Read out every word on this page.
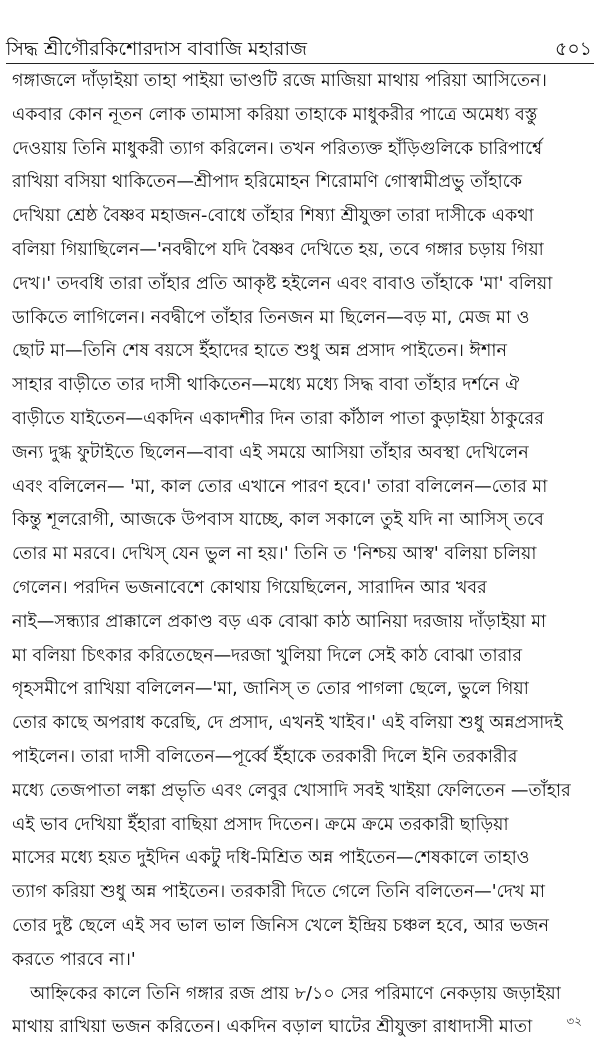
সিদ্ধ শ্রীগৌরকিশোরদাস বাবাজি মহারাজ	৫০১
গঙ্গাজলে দাঁড়াইয়া তাহা পাইয়া ভাণ্ডটি রজে মাজিয়া মাথায় পরিয়া আসিতেন।
একবার কোন নূতন লোক তামাসা করিয়া তাহাকে মাধুকরীর পাত্রে অমেধ্য বস্তু
দেওয়ায় তিনি মাধুকরী ত্যাগ করিলেন। তখন পরিত্যক্ত হাঁড়িগুলিকে চারিপার্শ্বে
রাখিয়া বসিয়া থাকিতেন—শ্রীপাদ হরিমোহন শিরোমণি গোস্বামীপ্রভু তাঁহাকে
দেখিয়া শ্রেষ্ঠ বৈষ্ণব মহাজন-বোধে তাঁহার শিষ্যা শ্রীযুক্তা তারা দাসীকে একথা
বলিয়া গিয়াছিলেন—'নবদ্বীপে যদি বৈষ্ণব দেখিতে হয়, তবে গঙ্গার চড়ায় গিয়া
দেখ।' তদবধি তারা তাঁহার প্রতি আকৃষ্ট হইলেন এবং বাবাও তাঁহাকে 'মা' বলিয়া
ডাকিতে লাগিলেন। নবদ্বীপে তাঁহার তিনজন মা ছিলেন—বড় মা, মেজ মা ও
ছোট মা—তিনি শেষ বয়সে ইঁহাদের হাতে শুধু অন্ন প্রসাদ পাইতেন। ঈশান
সাহার বাড়ীতে তার দাসী থাকিতেন—মধ্যে মধ্যে সিদ্ধ বাবা তাঁহার দর্শনে ঐ
বাড়ীতে যাইতেন—একদিন একাদশীর দিন তারা কাঁঠাল পাতা কুড়াইয়া ঠাকুরের
জন্য দুগ্ধ ফুটাইতে ছিলেন—বাবা এই সময়ে আসিয়া তাঁহার অবস্থা দেখিলেন
এবং বলিলেন— 'মা, কাল তোর এখানে পারণ হবে।' তারা বলিলেন—তোর মা
কিন্তু শূলরোগী, আজকে উপবাস যাচ্ছে, কাল সকালে তুই যদি না আসিস্ তবে
তোর মা মরবে। দেখিস্ যেন ভুল না হয়।' তিনি ত 'নিশ্চয় আস্ব' বলিয়া চলিয়া
গেলেন। পরদিন ভজনাবেশে কোথায় গিয়েছিলেন, সারাদিন আর খবর
নাই—সন্ধ্যার প্রাক্কালে প্রকাণ্ড বড় এক বোঝা কাঠ আনিয়া দরজায় দাঁড়াইয়া মা
মা বলিয়া চিৎকার করিতেছেন—দরজা খুলিয়া দিলে সেই কাঠ বোঝা তারার
গৃহসমীপে রাখিয়া বলিলেন—'মা, জানিস্ ত তোর পাগলা ছেলে, ভুলে গিয়া
তোর কাছে অপরাধ করেছি, দে প্রসাদ, এখনই খাইব।' এই বলিয়া শুধু অন্নপ্রসাদই
পাইলেন। তারা দাসী বলিতেন—পূর্ব্বে ইঁহাকে তরকারী দিলে ইনি তরকারীর
মধ্যে তেজপাতা লঙ্কা প্রভৃতি এবং লেবুর খোসাদি সবই খাইয়া ফেলিতেন —তাঁহার
এই ভাব দেখিয়া ইঁহারা বাছিয়া প্রসাদ দিতেন। ক্রমে ক্রমে তরকারী ছাড়িয়া
মাসের মধ্যে হয়ত দুইদিন একটু দধি-মিশ্রিত অন্ন পাইতেন—শেষকালে তাহাও
ত্যাগ করিয়া শুধু অন্ন পাইতেন। তরকারী দিতে গেলে তিনি বলিতেন—'দেখ মা
তোর দুষ্ট ছেলে এই সব ভাল ভাল জিনিস খেলে ইন্দ্রিয় চঞ্চল হবে, আর ভজন
করতে পারবে না।'
আহ্নিকের কালে তিনি গঙ্গার রজ প্রায় ৮/১০ সের পরিমাণে নেকড়ায় জড়াইয়া
মাথায় রাখিয়া ভজন করিতেন। একদিন বড়াল ঘাটের শ্রীযুক্তা রাধাদাসী মাতা	৩২
